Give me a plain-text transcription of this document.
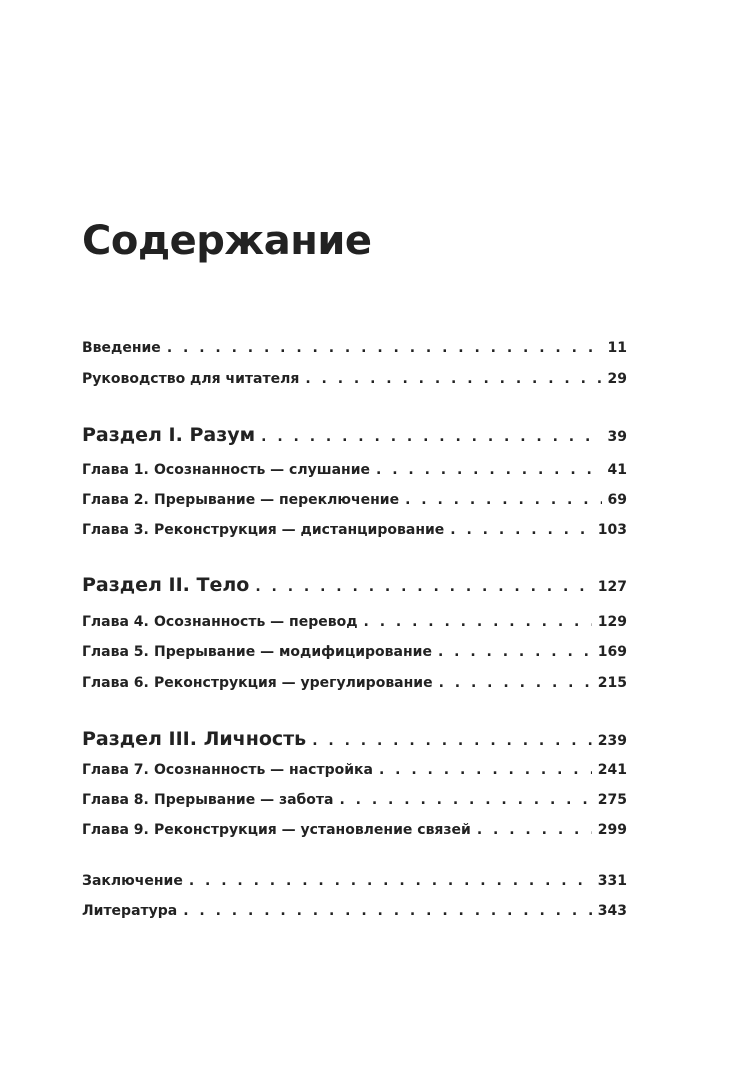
Содержание
Введение . . .	11
Руководство для читателя . . .	29
Раздел I. Разум . . .	39
Глава 1. Осознанность — слушание . . .	41
Глава 2. Прерывание — переключение . . .	69
Глава 3. Реконструкция — дистанцирование . . .	103
Раздел II. Тело . . .	127
Глава 4. Осознанность — перевод . . .	129
Глава 5. Прерывание — модифицирование . . .	169
Глава 6. Реконструкция — урегулирование . . .	215
Раздел III. Личность . . .	239
Глава 7. Осознанность — настройка . . .	241
Глава 8. Прерывание — забота . . .	275
Глава 9. Реконструкция — установление связей . . .	299
Заключение . . .	331
Литература . . .	343
